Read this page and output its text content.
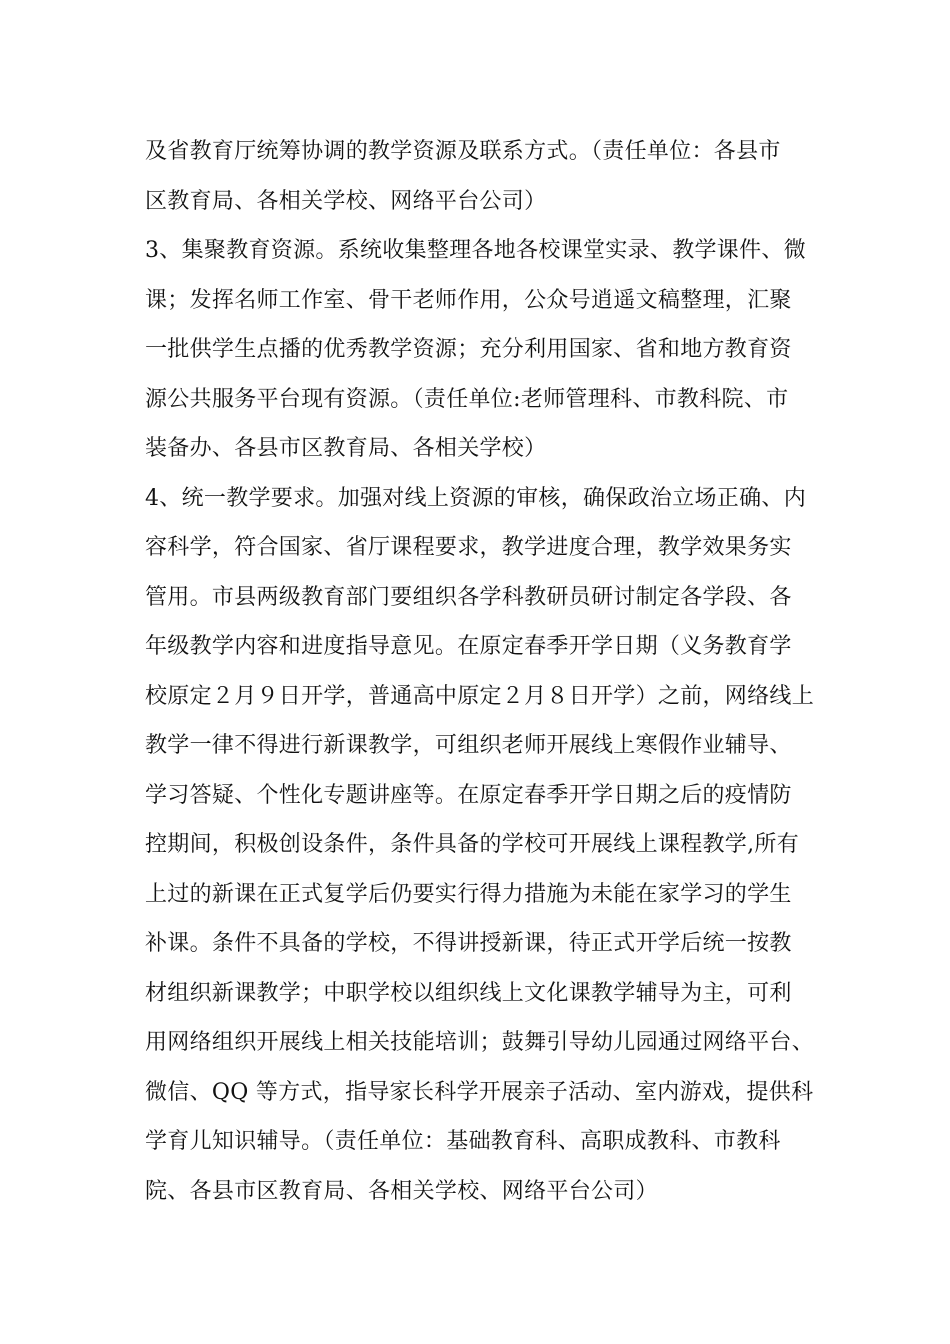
及省教育厅统筹协调的教学资源及联系方式。（责任单位：各县市
区教育局、各相关学校、网络平台公司）
3、集聚教育资源。系统收集整理各地各校课堂实录、教学课件、微
课；发挥名师工作室、骨干老师作用，公众号逍遥文稿整理，汇聚
一批供学生点播的优秀教学资源；充分利用国家、省和地方教育资
源公共服务平台现有资源。（责任单位:老师管理科、市教科院、市
装备办、各县市区教育局、各相关学校）
4、统一教学要求。加强对线上资源的审核，确保政治立场正确、内
容科学，符合国家、省厅课程要求，教学进度合理，教学效果务实
管用。市县两级教育部门要组织各学科教研员研讨制定各学段、各
年级教学内容和进度指导意见。在原定春季开学日期（义务教育学
校原定２月９日开学，普通高中原定２月８日开学）之前，网络线上
教学一律不得进行新课教学，可组织老师开展线上寒假作业辅导、
学习答疑、个性化专题讲座等。在原定春季开学日期之后的疫情防
控期间，积极创设条件，条件具备的学校可开展线上课程教学,所有
上过的新课在正式复学后仍要实行得力措施为未能在家学习的学生
补课。条件不具备的学校，不得讲授新课，待正式开学后统一按教
材组织新课教学；中职学校以组织线上文化课教学辅导为主，可利
用网络组织开展线上相关技能培训；鼓舞引导幼儿园通过网络平台、
微信、QQ 等方式，指导家长科学开展亲子活动、室内游戏，提供科
学育儿知识辅导。（责任单位：基础教育科、高职成教科、市教科
院、各县市区教育局、各相关学校、网络平台公司）
